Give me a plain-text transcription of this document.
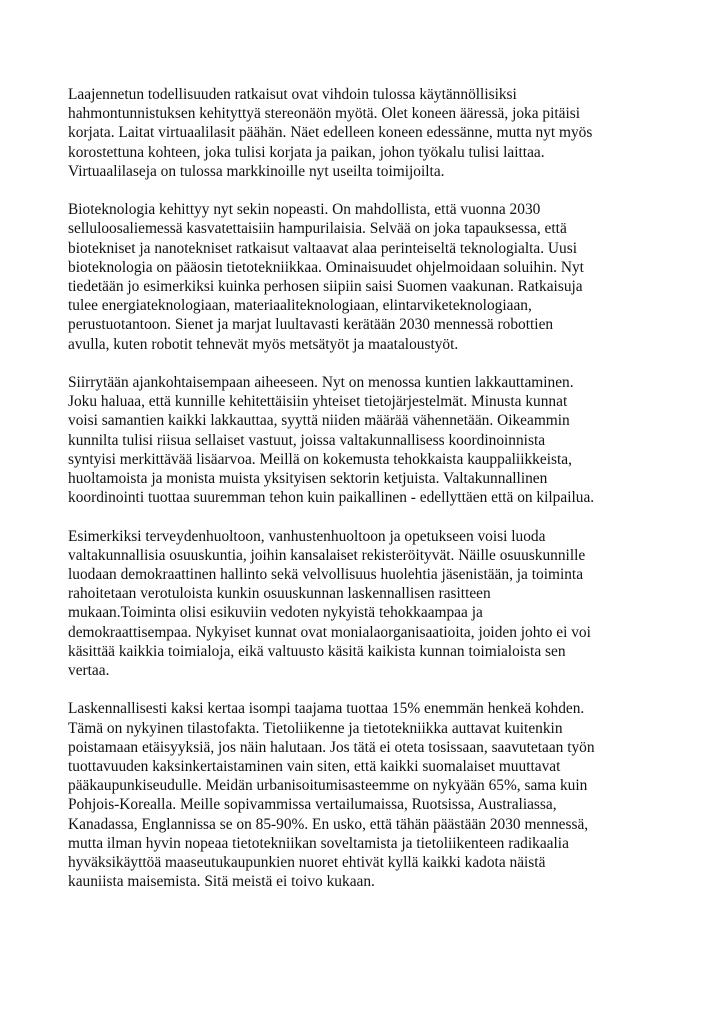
Laajennetun todellisuuden ratkaisut ovat vihdoin tulossa käytännöllisiksi
hahmontunnistuksen kehityttyä stereonäön myötä. Olet koneen ääressä, joka pitäisi
korjata. Laitat virtuaalilasit päähän. Näet edelleen koneen edessänne, mutta nyt myös
korostettuna kohteen, joka tulisi korjata ja paikan, johon työkalu tulisi laittaa.
Virtuaalilaseja on tulossa markkinoille nyt useilta toimijoilta.

Bioteknologia kehittyy nyt sekin nopeasti. On mahdollista, että vuonna 2030
selluloosaliemessä kasvatettaisiin hampurilaisia. Selvää on joka tapauksessa, että
biotekniset ja nanotekniset ratkaisut valtaavat alaa perinteiseltä teknologialta. Uusi
bioteknologia on pääosin tietotekniikkaa. Ominaisuudet ohjelmoidaan soluihin. Nyt
tiedetään jo esimerkiksi kuinka perhosen siipiin saisi Suomen vaakunan. Ratkaisuja
tulee energiateknologiaan, materiaaliteknologiaan, elintarviketeknologiaan,
perustuotantoon. Sienet ja marjat luultavasti kerätään 2030 mennessä robottien
avulla, kuten robotit tehnevät myös metsätyöt ja maataloustyöt.

Siirrytään ajankohtaisempaan aiheeseen. Nyt on menossa kuntien lakkauttaminen.
Joku haluaa, että kunnille kehitettäisiin yhteiset tietojärjestelmät. Minusta kunnat
voisi samantien kaikki lakkauttaa, syyttä niiden määrää vähennetään. Oikeammin
kunnilta tulisi riisua sellaiset vastuut, joissa valtakunnallisess koordinoinnista
syntyisi merkittävää lisäarvoa. Meillä on kokemusta tehokkaista kauppaliikkeista,
huoltamoista ja monista muista yksityisen sektorin ketjuista. Valtakunnallinen
koordinointi tuottaa suuremman tehon kuin paikallinen - edellyttäen että on kilpailua.

Esimerkiksi terveydenhuoltoon, vanhustenhuoltoon ja opetukseen voisi luoda
valtakunnallisia osuuskuntia, joihin kansalaiset rekisteröityvät. Näille osuuskunnille
luodaan demokraattinen hallinto sekä velvollisuus huolehtia jäsenistään, ja toiminta
rahoitetaan verotuloista kunkin osuuskunnan laskennallisen rasitteen
mukaan.Toiminta olisi esikuviin vedoten nykyistä tehokkaampaa ja
demokraattisempaa. Nykyiset kunnat ovat monialaorganisaatioita, joiden johto ei voi
käsittää kaikkia toimialoja, eikä valtuusto käsitä kaikista kunnan toimialoista sen
vertaa.

Laskennallisesti kaksi kertaa isompi taajama tuottaa 15% enemmän henkeä kohden.
Tämä on nykyinen tilastofakta. Tietoliikenne ja tietotekniikka auttavat kuitenkin
poistamaan etäisyyksiä, jos näin halutaan. Jos tätä ei oteta tosissaan, saavutetaan työn
tuottavuuden kaksinkertaistaminen vain siten, että kaikki suomalaiset muuttavat
pääkaupunkiseudulle. Meidän urbanisoitumisasteemme on nykyään 65%, sama kuin
Pohjois-Korealla. Meille sopivammissa vertailumaissa, Ruotsissa, Australiassa,
Kanadassa, Englannissa se on 85-90%. En usko, että tähän päästään 2030 mennessä,
mutta ilman hyvin nopeaa tietotekniikan soveltamista ja tietoliikenteen radikaalia
hyväksikäyttöä maaseutukaupunkien nuoret ehtivät kyllä kaikki kadota näistä
kauniista maisemista. Sitä meistä ei toivo kukaan.
